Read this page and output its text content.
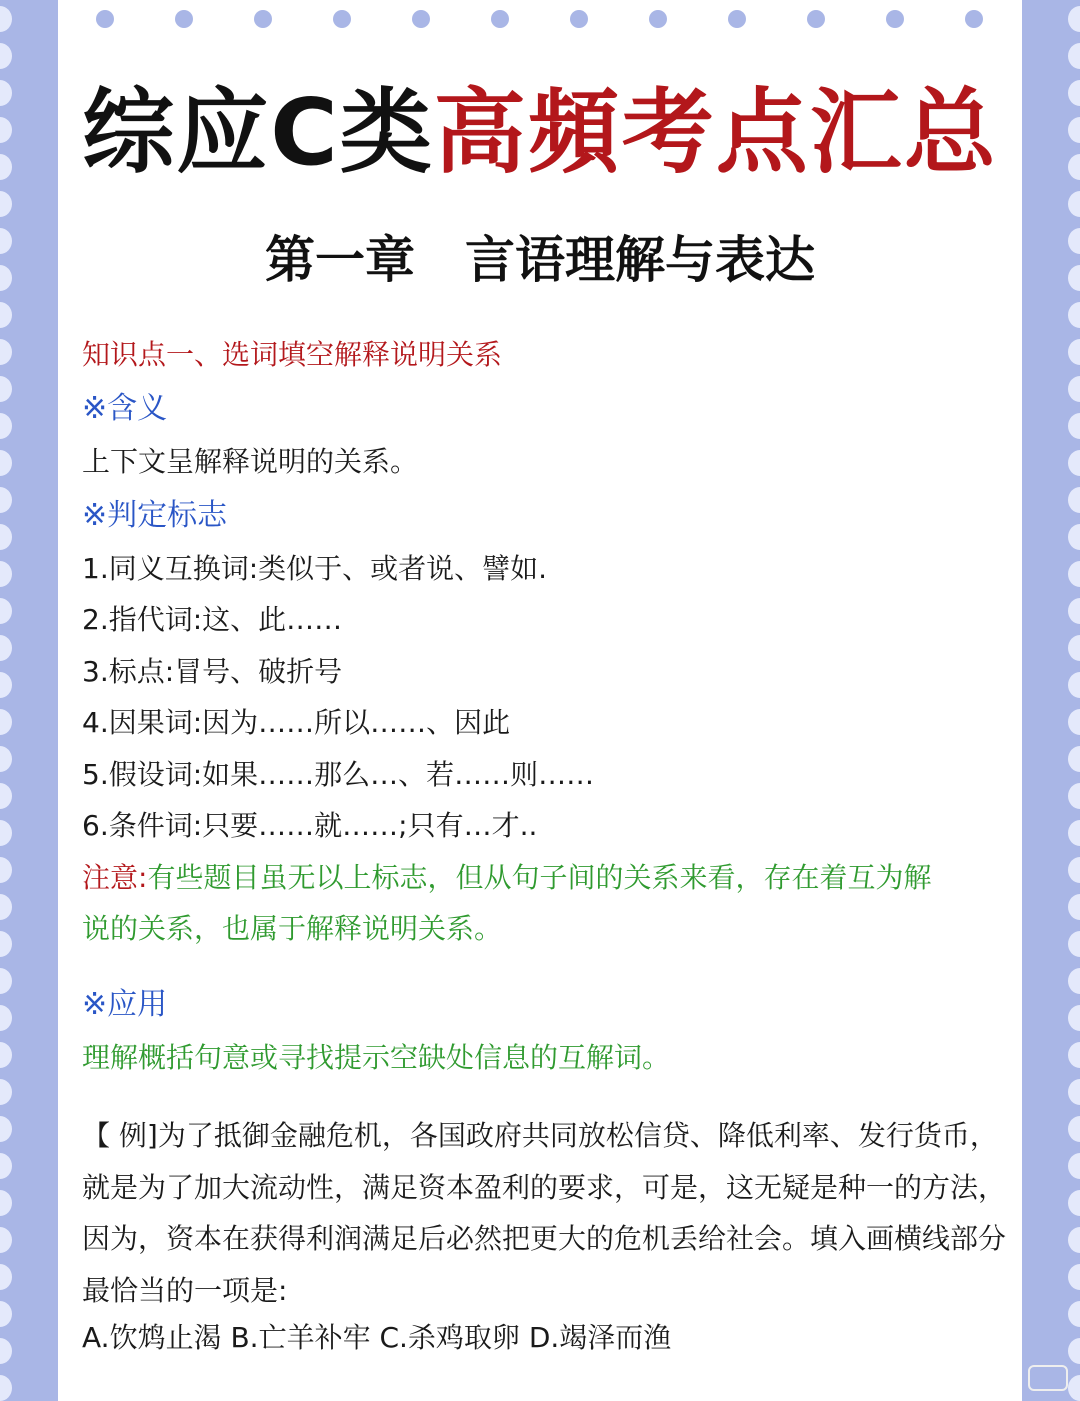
综应C类高頻考点汇总
第一章　言语理解与表达
知识点一、选词填空解释说明关系
※含义
上下文呈解释说明的关系。
※判定标志
1.同义互换词:类似于、或者说、譬如.
2.指代词:这、此……
3.标点:冒号、破折号
4.因果词:因为……所以……、因此
5.假设词:如果……那么…、若……则……
6.条件词:只要……就……;只有…才..
注意:有些题目虽无以上标志，但从句子间的关系来看，存在着互为解
说的关系，也属于解释说明关系。
※应用
理解概括句意或寻找提示空缺处信息的互解词。
【 例]为了抵御金融危机，各国政府共同放松信贷、降低利率、发行货币，就是为了加大流动性，满足资本盈利的要求，可是，这无疑是种一的方法，因为，资本在获得利润满足后必然把更大的危机丢给社会。填入画横线部分最恰当的一项是:
A.饮鸩止渴 B.亡羊补牢 C.杀鸡取卵 D.竭泽而渔
